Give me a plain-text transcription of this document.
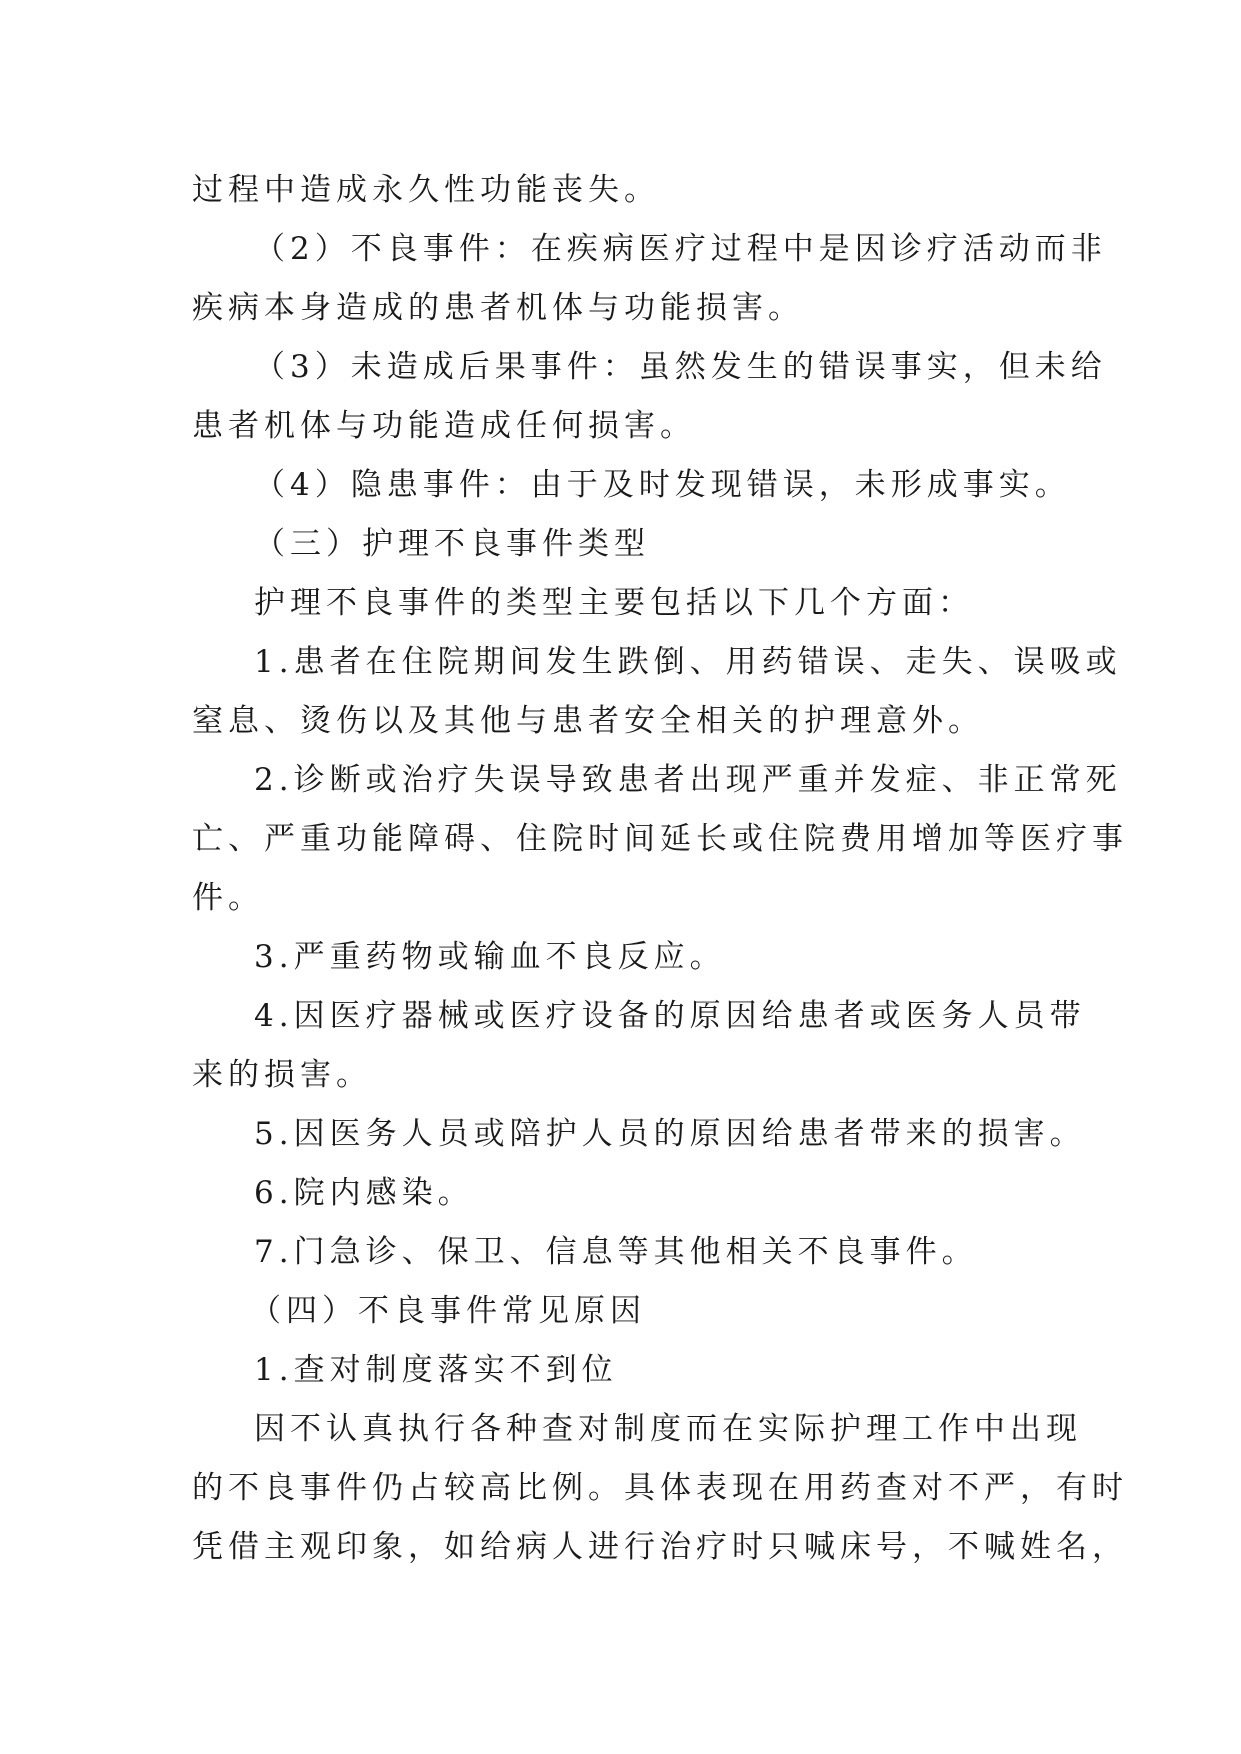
过程中造成永久性功能丧失。
（2）不良事件：在疾病医疗过程中是因诊疗活动而非
疾病本身造成的患者机体与功能损害。
（3）未造成后果事件：虽然发生的错误事实，但未给
患者机体与功能造成任何损害。
（4）隐患事件：由于及时发现错误，未形成事实。
（三）护理不良事件类型
护理不良事件的类型主要包括以下几个方面：
1.患者在住院期间发生跌倒、用药错误、走失、误吸或
窒息、烫伤以及其他与患者安全相关的护理意外。
2.诊断或治疗失误导致患者出现严重并发症、非正常死
亡、严重功能障碍、住院时间延长或住院费用增加等医疗事
件。
3.严重药物或输血不良反应。
4.因医疗器械或医疗设备的原因给患者或医务人员带
来的损害。
5.因医务人员或陪护人员的原因给患者带来的损害。
6.院内感染。
7.门急诊、保卫、信息等其他相关不良事件。
（四）不良事件常见原因
1.查对制度落实不到位
因不认真执行各种查对制度而在实际护理工作中出现
的不良事件仍占较高比例。具体表现在用药查对不严，有时
凭借主观印象，如给病人进行治疗时只喊床号，不喊姓名，
